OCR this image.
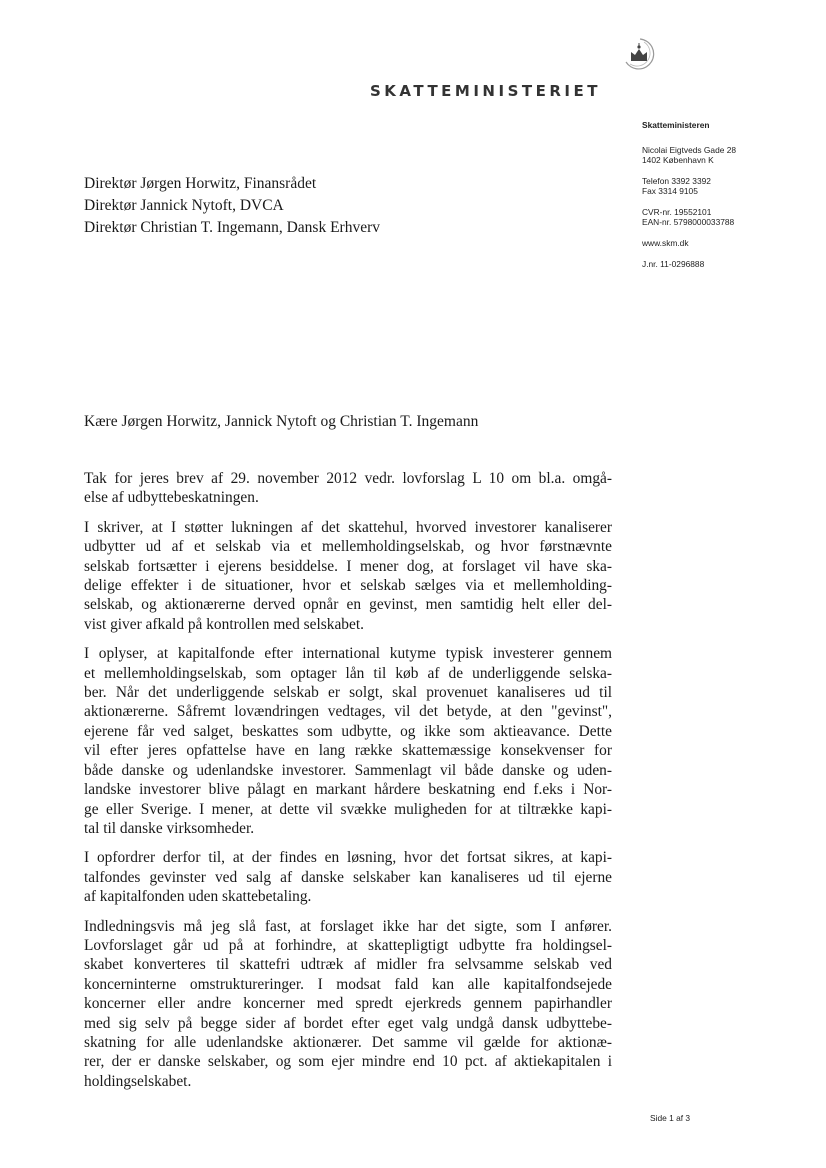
SKATTEMINISTERIET
Skatteministeren
Nicolai Eigtveds Gade 28
1402 København K
Telefon 3392 3392
Fax 3314 9105
CVR-nr. 19552101
EAN-nr. 5798000033788
www.skm.dk
J.nr. 11-0296888
Direktør Jørgen Horwitz, Finansrådet
Direktør Jannick Nytoft, DVCA
Direktør Christian T. Ingemann, Dansk Erhverv
Kære Jørgen Horwitz, Jannick Nytoft og Christian T. Ingemann
Tak for jeres brev af 29. november 2012 vedr. lovforslag L 10 om bl.a. omgå-
else af udbyttebeskatningen.
I skriver, at I støtter lukningen af det skattehul, hvorved investorer kanaliserer
udbytter ud af et selskab via et mellemholdingselskab, og hvor førstnævnte
selskab fortsætter i ejerens besiddelse. I mener dog, at forslaget vil have ska-
delige effekter i de situationer, hvor et selskab sælges via et mellemholding-
selskab, og aktionærerne derved opnår en gevinst, men samtidig helt eller del-
vist giver afkald på kontrollen med selskabet.
I oplyser, at kapitalfonde efter international kutyme typisk investerer gennem
et mellemholdingselskab, som optager lån til køb af de underliggende selska-
ber. Når det underliggende selskab er solgt, skal provenuet kanaliseres ud til
aktionærerne. Såfremt lovændringen vedtages, vil det betyde, at den "gevinst",
ejerene får ved salget, beskattes som udbytte, og ikke som aktieavance. Dette
vil efter jeres opfattelse have en lang række skattemæssige konsekvenser for
både danske og udenlandske investorer. Sammenlagt vil både danske og uden-
landske investorer blive pålagt en markant hårdere beskatning end f.eks i Nor-
ge eller Sverige. I mener, at dette vil svække muligheden for at tiltrække kapi-
tal til danske virksomheder.
I opfordrer derfor til, at der findes en løsning, hvor det fortsat sikres, at kapi-
talfondes gevinster ved salg af danske selskaber kan kanaliseres ud til ejerne
af kapitalfonden uden skattebetaling.
Indledningsvis må jeg slå fast, at forslaget ikke har det sigte, som I anfører.
Lovforslaget går ud på at forhindre, at skattepligtigt udbytte fra holdingsel-
skabet konverteres til skattefri udtræk af midler fra selvsamme selskab ved
koncerninterne omstruktureringer. I modsat fald kan alle kapitalfondsejede
koncerner eller andre koncerner med spredt ejerkreds gennem papirhandler
med sig selv på begge sider af bordet efter eget valg undgå dansk udbyttebe-
skatning for alle udenlandske aktionærer. Det samme vil gælde for aktionæ-
rer, der er danske selskaber, og som ejer mindre end 10 pct. af aktiekapitalen i
holdingselskabet.
Side 1 af 3
